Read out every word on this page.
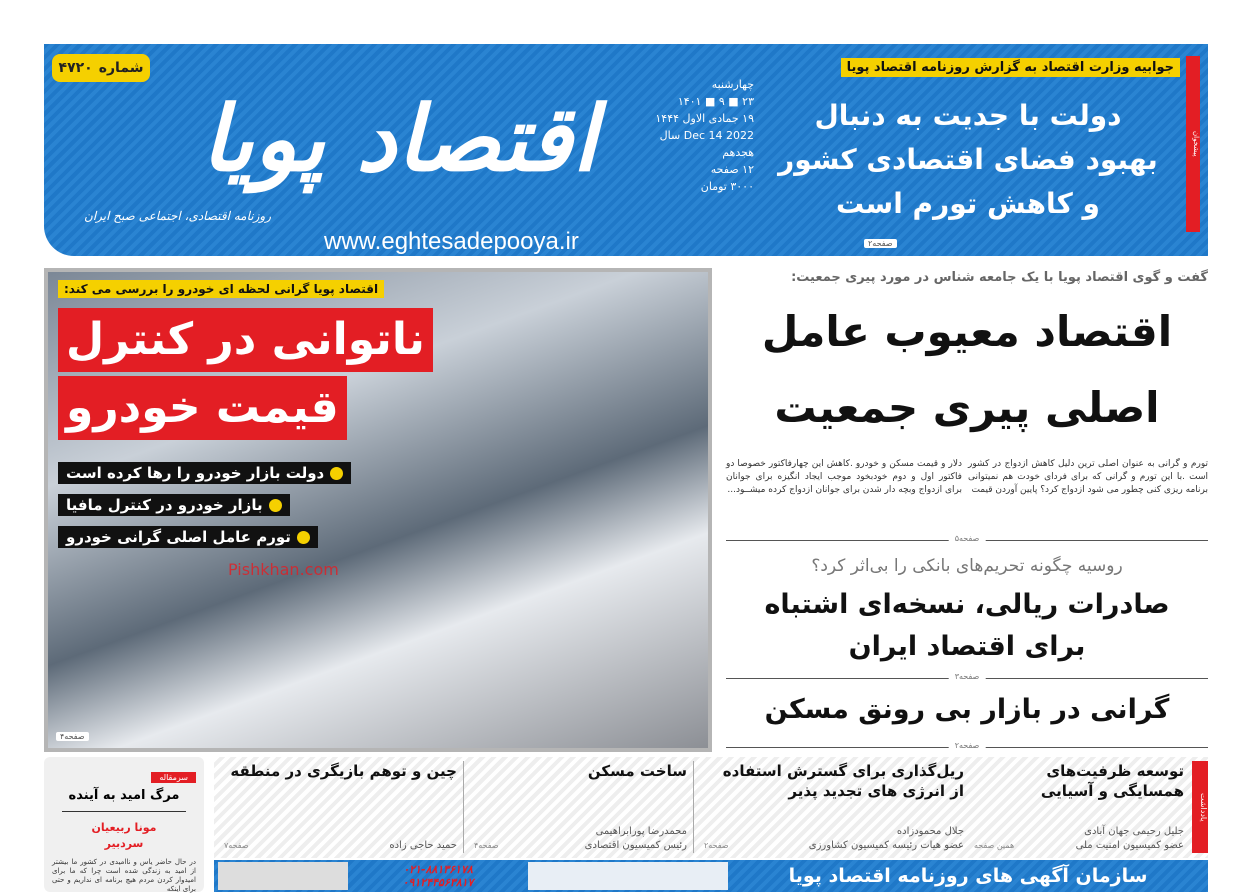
شماره
۴۷۲۰
اقتصاد پویا
روزنامه اقتصادی، اجتماعی صبح ایران
www.eghtesadepooya.ir
چهارشنبه
۲۳ ■ ۹ ■ ۱۴۰۱
۱۹ جمادی الاول ۱۴۴۴
Dec 14 2022 سال
هجدهم
۱۲ صفحه
۳۰۰۰ تومان
پیشخوان
جوابیه وزارت اقتصاد به گزارش روزنامه اقتصاد پویا
دولت با جدیت به دنبال
بهبود فضای اقتصادی کشور
و کاهش تورم است
صفحه۲
اقتصاد پویا گرانی لحظه ای خودرو را بررسی می کند:
ناتوانی در کنترل
قیمت خودرو
دولت بازار خودرو را رها کرده است
بازار خودرو در کنترل مافیا
تورم عامل اصلی گرانی خودرو
Pishkhan.com
صفحه۴
گفت و گوی اقتصاد پویا با یک جامعه شناس در مورد پیری جمعیت:
اقتصاد معیوب عامل
اصلی پیری جمعیت
تورم و گرانی به عنوان اصلی ترین دلیل کاهش ازدواج در کشور است .با این تورم و گرانی که برای فردای خودت هم نمیتوانی برنامه ریزی کنی چطور می شود ازدواج کرد؟ پایین آوردن قیمت
دلار و قیمت مسکن و خودرو .کاهش این چهارفاکتور خصوصا دو فاکتور اول و دوم خودبخود موجب ایجاد انگیزه برای جوانان برای ازدواج وبچه دار شدن برای جوانان ازدواج کرده میشــود...
صفحه۵
روسیه چگونه تحریم‌های بانکی را بی‌اثر کرد؟
صادرات ریالی، نسخه‌ای اشتباه
برای اقتصاد ایران
صفحه۳
گرانی در بازار بی رونق مسکن
صفحه۲
یادداشت
توسعه ظرفیت‌های همسایگی و آسیایی
جلیل رحیمی جهان آبادی
عضو کمیسیون امنیت ملی
همین صفحه
ریل‌گذاری برای گسترش استفاده از انرژی های تجدید پذیر
جلال محمودزاده
عضو هیات رئیسه کمیسیون کشاورزی
صفحه۲
ساخت مسکن
محمدرضا پورابراهیمی
رئیس کمیسیون اقتصادی
صفحه۴
چین و توهم بازیگری در منطقه
حمید حاجی زاده
صفحه۷
۰۲۱-۸۸۱۳۶۱۷۸
۰۹۱۲۴۴۵۶۳۸۱۷	سازمان آگهی های روزنامه اقتصاد پویا
سرمقاله
مرگ امید به آینده
مونا ربیعیان
سردبیر
در حال حاضر یاس و ناامیدی در کشور ما بیشتر از امید به زندگی شده است چرا که ما برای امیدوار کردن مردم هیچ برنامه ای نداریم و حتی برای اینکه
